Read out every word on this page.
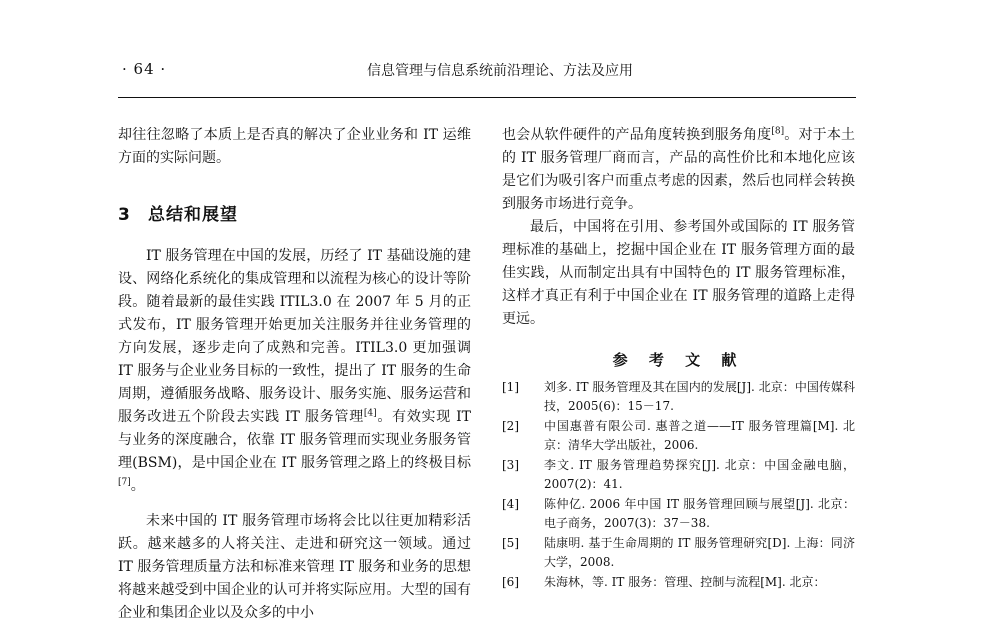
· 64 ·	信息管理与信息系统前沿理论、方法及应用

却往往忽略了本质上是否真的解决了企业业务和 IT 运维方面的实际问题。

3 总结和展望

IT 服务管理在中国的发展，历经了 IT 基础设施的建设、网络化系统化的集成管理和以流程为核心的设计等阶段。随着最新的最佳实践 ITIL3.0 在 2007 年 5 月的正式发布，IT 服务管理开始更加关注服务并往业务管理的方向发展，逐步走向了成熟和完善。ITIL3.0 更加强调 IT 服务与企业业务目标的一致性，提出了 IT 服务的生命周期，遵循服务战略、服务设计、服务实施、服务运营和服务改进五个阶段去实践 IT 服务管理[4]。有效实现 IT 与业务的深度融合，依靠 IT 服务管理而实现业务服务管理(BSM)，是中国企业在 IT 服务管理之路上的终极目标[7]。

未来中国的 IT 服务管理市场将会比以往更加精彩活跃。越来越多的人将关注、走进和研究这一领域。通过 IT 服务管理质量方法和标准来管理 IT 服务和业务的思想将越来越受到中国企业的认可并将实际应用。大型的国有企业和集团企业以及众多的中小

也会从软件硬件的产品角度转换到服务角度[8]。对于本土的 IT 服务管理厂商而言，产品的高性价比和本地化应该是它们为吸引客户而重点考虑的因素，然后也同样会转换到服务市场进行竞争。

最后，中国将在引用、参考国外或国际的 IT 服务管理标准的基础上，挖掘中国企业在 IT 服务管理方面的最佳实践，从而制定出具有中国特色的 IT 服务管理标准，这样才真正有利于中国企业在 IT 服务管理的道路上走得更远。

参 考 文 献
[1]	刘多. IT 服务管理及其在国内的发展[J]. 北京：中国传媒科技，2005(6)：15－17.
[2]	中国惠普有限公司. 惠普之道——IT 服务管理篇[M]. 北京：清华大学出版社，2006.
[3]	李文. IT 服务管理趋势探究[J]. 北京：中国金融电脑，2007(2)：41.
[4]	陈仲亿. 2006 年中国 IT 服务管理回顾与展望[J]. 北京：电子商务，2007(3)：37－38.
[5]	陆康明. 基于生命周期的 IT 服务管理研究[D]. 上海：同济大学，2008.
[6]	朱海林，等. IT 服务：管理、控制与流程[M]. 北京：
